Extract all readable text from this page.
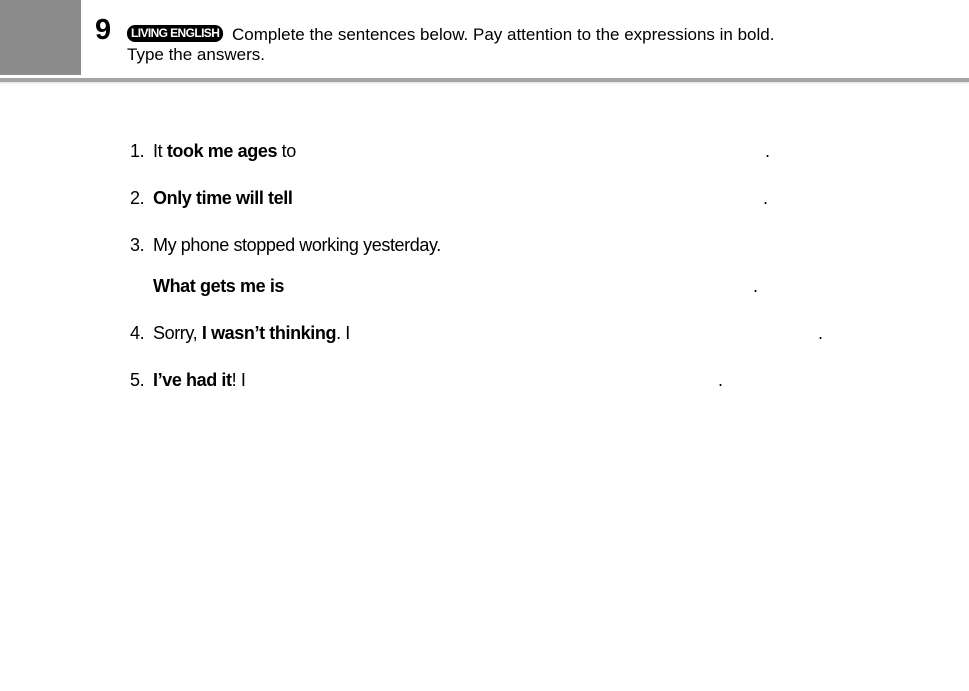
9	LIVING ENGLISH Complete the sentences below. Pay attention to the expressions in bold.
Type the answers.
1. It took me ages to	.
2. Only time will tell	.
3. My phone stopped working yesterday.
What gets me is	.
4. Sorry, I wasn’t thinking. I	.
5. I’ve had it! I	.
